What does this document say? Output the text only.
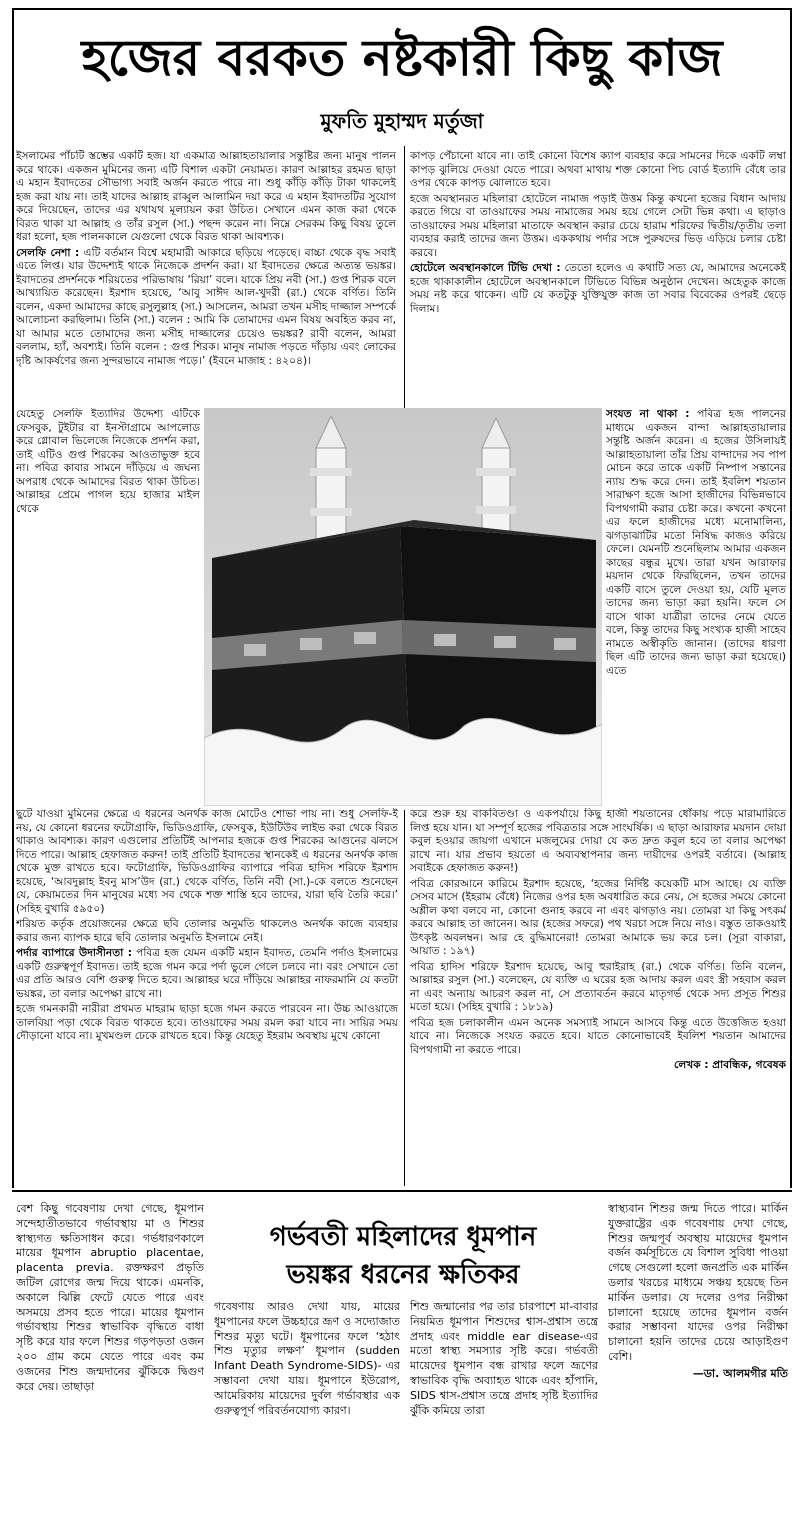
হজের বরকত নষ্টকারী কিছু কাজ
মুফতি মুহাম্মদ মর্তুজা

ইসলামের পাঁচটি স্তম্ভের একটি হজ। যা একমাত্র আল্লাহতায়ালার সন্তুষ্টির জন্য মানুষ পালন করে থাকে। একজন মুমিনের জন্য এটি বিশাল একটা নেয়ামত। কারণ আল্লাহর রহমত ছাড়া এ মহান ইবাদতের সৌভাগ্য সবাই অর্জন করতে পারে না। শুধু কাঁড়ি কাঁড়ি টাকা থাকলেই হজ করা যায় না। তাই যাদের আল্লাহ রাব্বুল আলামিন দয়া করে এ মহান ইবাদতটির সুযোগ করে দিয়েছেন, তাদের এর যথাযথ মূল্যায়ন করা উচিত। সেখানে এমন কাজ করা থেকে বিরত থাকা যা আল্লাহ ও তাঁর রসুল (সা.) পছন্দ করেন না। নিম্নে সেরকম কিছু বিষয় তুলে ধরা হলো, হজ পালনকালে যেগুলো থেকে বিরত থাকা আবশ্যক।

সেলফি নেশা : এটি বর্তমান বিশ্বে মহামারী আকারে ছড়িয়ে পড়েছে। বাচ্চা থেকে বৃদ্ধ সবাই এতে লিপ্ত। যার উদ্দেশ্যই থাকে নিজেকে প্রদর্শন করা। যা ইবাদতের ক্ষেত্রে অত্যন্ত ভয়ঙ্কর। ইবাদতের প্রদর্শনকে শরিয়তের পরিভাষায় ‘রিয়া’ বলে। যাকে প্রিয় নবী (সা.) গুপ্ত শিরক বলে আখ্যায়িত করেছেন। ইরশাদ হয়েছে, ‘আবু সাঈদ আল-খুদরী (রা.) থেকে বর্ণিত। তিনি বলেন, একদা আমাদের কাছে রসুলুল্লাহ (সা.) আসলেন, আমরা তখন মসীহ দাজ্জাল সম্পর্কে আলোচনা করছিলাম। তিনি (সা.) বলেন : আমি কি তোমাদের এমন বিষয় অবহিত করব না, যা আমার মতে তোমাদের জন্য মসীহ দাজ্জালের চেয়েও ভয়ঙ্কর? রাবী বলেন, আমরা বললাম, হ্যাঁ, অবশ্যই। তিনি বলেন : গুপ্ত শিরক। মানুষ নামাজ পড়তে দাঁড়ায় এবং লোকের দৃষ্টি আকর্ষণের জন্য সুন্দরভাবে নামাজ পড়ে।’ (ইবনে মাজাহ : ৪২০৪)।

যেহেতু সেলফি ইত্যাদির উদ্দেশ্য এটিকে ফেসবুক, টুইটার বা ইনস্টাগ্রামে আপলোড করে গ্লোবাল ভিলেজে নিজেকে প্রদর্শন করা, তাই এটিও গুপ্ত শিরকের আওতাভুক্ত হবে না। পবিত্র কাবার সামনে দাঁড়িয়ে এ জঘন্য অপরাধ থেকে আমাদের বিরত থাকা উচিত। আল্লাহর প্রেমে পাগল হয়ে হাজার মাইল থেকে

কাপড় পেঁচানো যাবে না। তাই কোনো বিশেষ ক্যাপ ব্যবহার করে সামনের দিকে একটি লম্বা কাপড় ঝুলিয়ে দেওয়া যেতে পারে। অথবা মাথায় শক্ত কোনো পিচ বোর্ড ইত্যাদি বেঁধে তার ওপর থেকে কাপড় ঝোলাতে হবে।

হজে অবস্থানরত মহিলারা হোটেলে নামাজ পড়াই উত্তম কিন্তু কখনো হজের বিধান আদায় করতে গিয়ে বা তাওয়াফের সময় নামাজের সময় হয়ে গেলে সেটা ভিন্ন কথা। এ ছাড়াও তাওয়াফের সময় মহিলারা মাতাফে অবস্থান করার চেয়ে হারাম শরিফের দ্বিতীয়/তৃতীয় তলা ব্যবহার করাই তাদের জন্য উত্তম। এককথায় পর্দার সঙ্গে পুরুষদের ভিড় এড়িয়ে চলার চেষ্টা করবে।

হোটেলে অবস্থানকালে টিভি দেখা : তেতো হলেও এ কথাটি সত্য যে, আমাদের অনেকেই হজে থাকাকালীন হোটেলে অবস্থানকালে টিভিতে বিভিন্ন অনুষ্ঠান দেখেন। অহেতুক কাজে সময় নষ্ট করে থাকেন। এটি যে কতটুকু যুক্তিযুক্ত কাজ তা সবার বিবেকের ওপরই ছেড়ে দিলাম।

সংযত না থাকা : পবিত্র হজ পালনের মাধ্যমে একজন বান্দা আল্লাহতায়ালার সন্তুষ্টি অর্জন করেন। এ হজের উসিলায়ই আল্লাহতায়ালা তাঁর প্রিয় বান্দাদের সব পাপ মোচন করে তাকে একটি নিষ্পাপ সন্তানের ন্যায় শুদ্ধ করে দেন। তাই ইবলিশ শয়তান সারাক্ষণ হজে আসা হাজীদের বিভিন্নভাবে বিপথগামী করার চেষ্টা করে। কখনো কখনো এর ফলে হাজীদের মধ্যে মনোমালিন্য, ঝগড়াঝাটির মতো নিষিদ্ধ কাজও করিয়ে ফেলে। যেমনটি শুনেছিলাম আমার একজন কাছের বন্ধুর মুখে। তারা যখন আরাফার ময়দান থেকে ফিরছিলেন, তখন তাদের একটি বাসে তুলে দেওয়া হয়, যেটি মূলত তাদের জন্য ভাড়া করা হয়নি। ফলে সে বাসে থাকা যাত্রীরা তাদের নেমে যেতে বলে, কিন্তু তাদের কিছু সংখ্যক হাজী সাহেব নামতে অস্বীকৃতি জানান। (তাদের ধারণা ছিল এটি তাদের জন্য ভাড়া করা হয়েছে।) এতে

ছুটে যাওয়া মুমিনের ক্ষেত্রে এ ধরনের অনর্থক কাজ মোটেও শোভা পায় না। শুধু সেলফি-ই নয়, যে কোনো ধরনের ফটোগ্রাফি, ভিডিওগ্রাফি, ফেসবুক, ইউটিউব লাইভ করা থেকে বিরত থাকাও আবশ্যক। কারণ এগুলোর প্রতিটিই আপনার হজকে গুপ্ত শিরকের আগুনের ঝলসে দিতে পারে। আল্লাহ হেফাজত করুন! তাই প্রতিটি ইবাদতের স্থানকেই এ ধরনের অনর্থক কাজ থেকে মুক্ত রাখতে হবে। ফটোগ্রাফি, ভিডিওগ্রাফির ব্যাপারে পবিত্র হাদিস শরিফে ইরশাদ হয়েছে, ‘আবদুল্লাহ ইবনু মাস’উদ (রা.) থেকে বর্ণিত, তিনি নবী (সা.)-কে বলতে শুনেছেন যে, কেয়ামতের দিন মানুষের মধ্যে সব থেকে শক্ত শাস্তি হবে তাদের, যারা ছবি তৈরি করে।’ (সহিহ বুখারি ৫৯৫০)

শরিয়ত কর্তৃক প্রয়োজনের ক্ষেত্রে ছবি তোলার অনুমতি থাকলেও অনর্থক কাজে ব্যবহার করার জন্য ব্যাপক হারে ছবি তোলার অনুমতি ইসলামে নেই।

পর্দার ব্যাপারে উদাসীনতা : পবিত্র হজ যেমন একটি মহান ইবাদত, তেমনি পর্দাও ইসলামের একটি গুরুত্বপূর্ণ ইবাদত। তাই হজে গমন করে পর্দা ভুলে গেলে চলবে না। বরং সেখানে তো এর প্রতি আরও বেশি গুরুত্ব দিতে হবে। আল্লাহর ঘরে দাঁড়িয়ে আল্লাহর নাফরমানি যে কতটা ভয়ঙ্কর, তা বলার অপেক্ষা রাখে না।

হজে গমনকারী নারীরা প্রথমত মাহরাম ছাড়া হজে গমন করতে পারবেন না। উচ্চ আওয়াজে তালবিয়া পড়া থেকে বিরত থাকতে হবে। তাওয়াফের সময় রমল করা যাবে না। সায়ির সময় দৌড়ানো যাবে না। মুখমণ্ডল ঢেকে রাখতে হবে। কিন্তু যেহেতু ইহরাম অবস্থায় মুখে কোনো

করে শুরু হয় বাকবিতণ্ডা ও একপর্যায়ে কিছু হাজী শয়তানের ধোঁকায় পড়ে মারামারিতে লিপ্ত হয়ে যান। যা সম্পূর্ণ হজের পবিত্রতার সঙ্গে সাংঘর্ষিক। এ ছাড়া আরাফার ময়দান দোয়া কবুল হওয়ার জায়গা এখানে মজলুমের দোয়া যে কত দ্রুত কবুল হবে তা বলার অপেক্ষা রাখে না। যার প্রভাব হয়তো এ অব্যবস্থাপনার জন্য দায়ীদের ওপরই বর্তাবে। (আল্লাহ সবাইকে হেফাজত করুন!)

পবিত্র কোরআনে কারিমে ইরশাদ হয়েছে, ‘হজের নির্দিষ্ট কয়েকটি মাস আছে। যে ব্যক্তি সেসব মাসে (ইহরাম বেঁধে) নিজের ওপর হজ অবধারিত করে নেয়, সে হজের সময়ে কোনো অশ্লীল কথা বলবে না, কোনো গুনাহ করবে না এবং ঝগড়াও নয়। তোমরা যা কিছু সৎকর্ম করবে আল্লাহ তা জানেন। আর (হজের সফরে) পথ খরচা সঙ্গে নিয়ে নাও। বস্তুত তাকওয়াই উৎকৃষ্ট অবলম্বন। আর হে বুদ্ধিমানেরা! তোমরা আমাকে ভয় করে চল। (সূরা বাকারা, আয়াত : ১৯৭)

পবিত্র হাদিস শরিফে ইরশাদ হয়েছে, আবু হুরাইরাহ (রা.) থেকে বর্ণিত। তিনি বলেন, আল্লাহর রসুল (সা.) বলেছেন, যে ব্যক্তি এ ঘরের হজ আদায় করল এবং স্ত্রী সহবাস করল না এবং অন্যায় আচরণ করল না, সে প্রত্যাবর্তন করবে মাতৃগর্ভ থেকে সদ্য প্রসূত শিশুর মতো হয়ে। (সহিহ বুখারি : ১৮১৯)

পবিত্র হজ চলাকালীন এমন অনেক সমস্যাই সামনে আসবে কিন্তু এতে উত্তেজিত হওয়া যাবে না। নিজেকে সংযত করতে হবে। যাতে কোনোভাবেই ইবলিশ শয়তান আমাদের বিপথগামী না করতে পারে।

লেখক : প্রাবন্ধিক, গবেষক

গর্ভবতী মহিলাদের ধূমপান
ভয়ঙ্কর ধরনের ক্ষতিকর

বেশ কিছু গবেষণায় দেখা গেছে, ধূমপান সন্দেহাতীতভাবে গর্ভাবস্থায় মা ও শিশুর স্বাস্থ্যগত ক্ষতিসাধন করে। গর্ভধারণকালে মায়ের ধূমপান abruptio placentae, placenta previa. রক্তক্ষরণ প্রভৃতি জটিল রোগের জন্ম দিয়ে থাকে। এমনকি, অকালে ঝিল্লি ফেটে যেতে পারে এবং অসময়ে প্রসব হতে পারে। মায়ের ধূমপান গর্ভাবস্থায় শিশুর স্বাভাবিক বৃদ্ধিতে বাধা সৃষ্টি করে যার ফলে শিশুর গড়পড়তা ওজন ২০০ গ্রাম কমে যেতে পারে এবং কম ওজনের শিশু জন্মদানের ঝুঁকিকে দ্বিগুণ করে দেয়। তাছাড়া

গবেষণায় আরও দেখা যায়, মায়ের ধূমপানের ফলে উচ্চহারে ভ্রূণ ও সদ্যোজাত শিশুর মৃত্যু ঘটে। ধূমপানের ফলে ‘হঠাৎ শিশু মৃত্যুর লক্ষণ’ ধূমপান (sudden Infant Death Syndrome-SIDS)- এর সম্ভাবনা দেখা যায়। ধূমপানে ইউরোপ, আমেরিকায় মায়েদের দুর্বল গর্ভাবস্থার এক গুরুত্বপূর্ণ পরিবর্তনযোগ্য কারণ।

শিশু জন্মানোর পর তার চারপাশে মা-বাবার নিয়মিত ধূমপান শিশুদের শ্বাস-প্রশ্বাস তন্ত্রে প্রদাহ এবং middle ear disease-এর মতো স্বাস্থ্য সমস্যার সৃষ্টি করে। গর্ভবতী মায়েদের ধূমপান বন্ধ রাখার ফলে ভ্রূণের স্বাভাবিক বৃদ্ধি অব্যাহত থাকে এবং হাঁপানি, SIDS শ্বাস-প্রশ্বাস তন্ত্রে প্রদাহ সৃষ্টি ইত্যাদির ঝুঁকি কমিয়ে তারা

স্বাস্থ্যবান শিশুর জন্ম দিতে পারে। মার্কিন যুক্তরাষ্ট্রের এক গবেষণায় দেখা গেছে, শিশুর জন্মপূর্ব অবস্থায় মায়েদের ধূমপান বর্জন কর্মসূচিতে যে বিশাল সুবিধা পাওয়া গেছে সেগুলো হলো জনপ্রতি এক মার্কিন ডলার খরচের মাধ্যমে সঞ্চয় হয়েছে তিন মার্কিন ডলার। যে দলের ওপর নিরীক্ষা চালানো হয়েছে তাদের ধূমপান বর্জন করার সম্ভাবনা যাদের ওপর নিরীক্ষা চালানো হয়নি তাদের চেয়ে আড়াইগুণ বেশি।

—ডা. আলমগীর মতি
